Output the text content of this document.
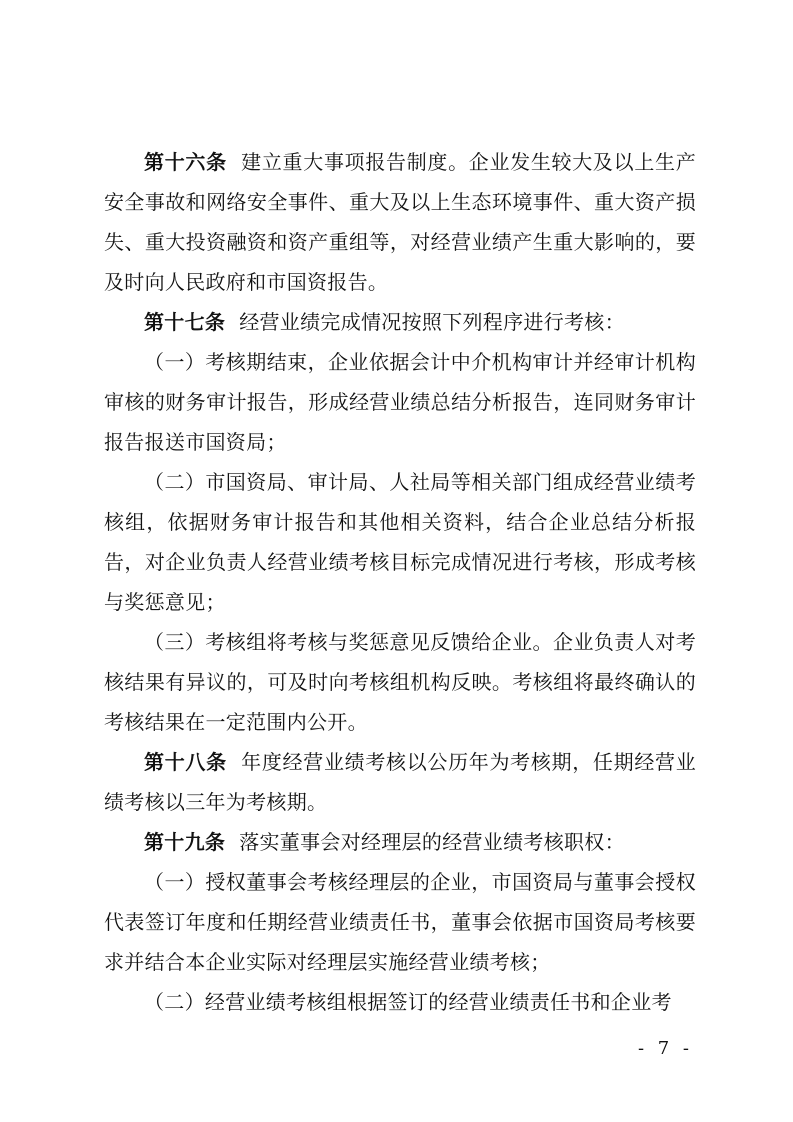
第十六条 建立重大事项报告制度。企业发生较大及以上生产安全事故和网络安全事件、重大及以上生态环境事件、重大资产损失、重大投资融资和资产重组等，对经营业绩产生重大影响的，要及时向人民政府和市国资报告。

第十七条 经营业绩完成情况按照下列程序进行考核：

（一）考核期结束，企业依据会计中介机构审计并经审计机构审核的财务审计报告，形成经营业绩总结分析报告，连同财务审计报告报送市国资局；

（二）市国资局、审计局、人社局等相关部门组成经营业绩考核组，依据财务审计报告和其他相关资料，结合企业总结分析报告，对企业负责人经营业绩考核目标完成情况进行考核，形成考核与奖惩意见；

（三）考核组将考核与奖惩意见反馈给企业。企业负责人对考核结果有异议的，可及时向考核组机构反映。考核组将最终确认的考核结果在一定范围内公开。

第十八条 年度经营业绩考核以公历年为考核期，任期经营业绩考核以三年为考核期。

第十九条 落实董事会对经理层的经营业绩考核职权：

（一）授权董事会考核经理层的企业，市国资局与董事会授权代表签订年度和任期经营业绩责任书，董事会依据市国资局考核要求并结合本企业实际对经理层实施经营业绩考核；

（二）经营业绩考核组根据签订的经营业绩责任书和企业考

- 7 -
